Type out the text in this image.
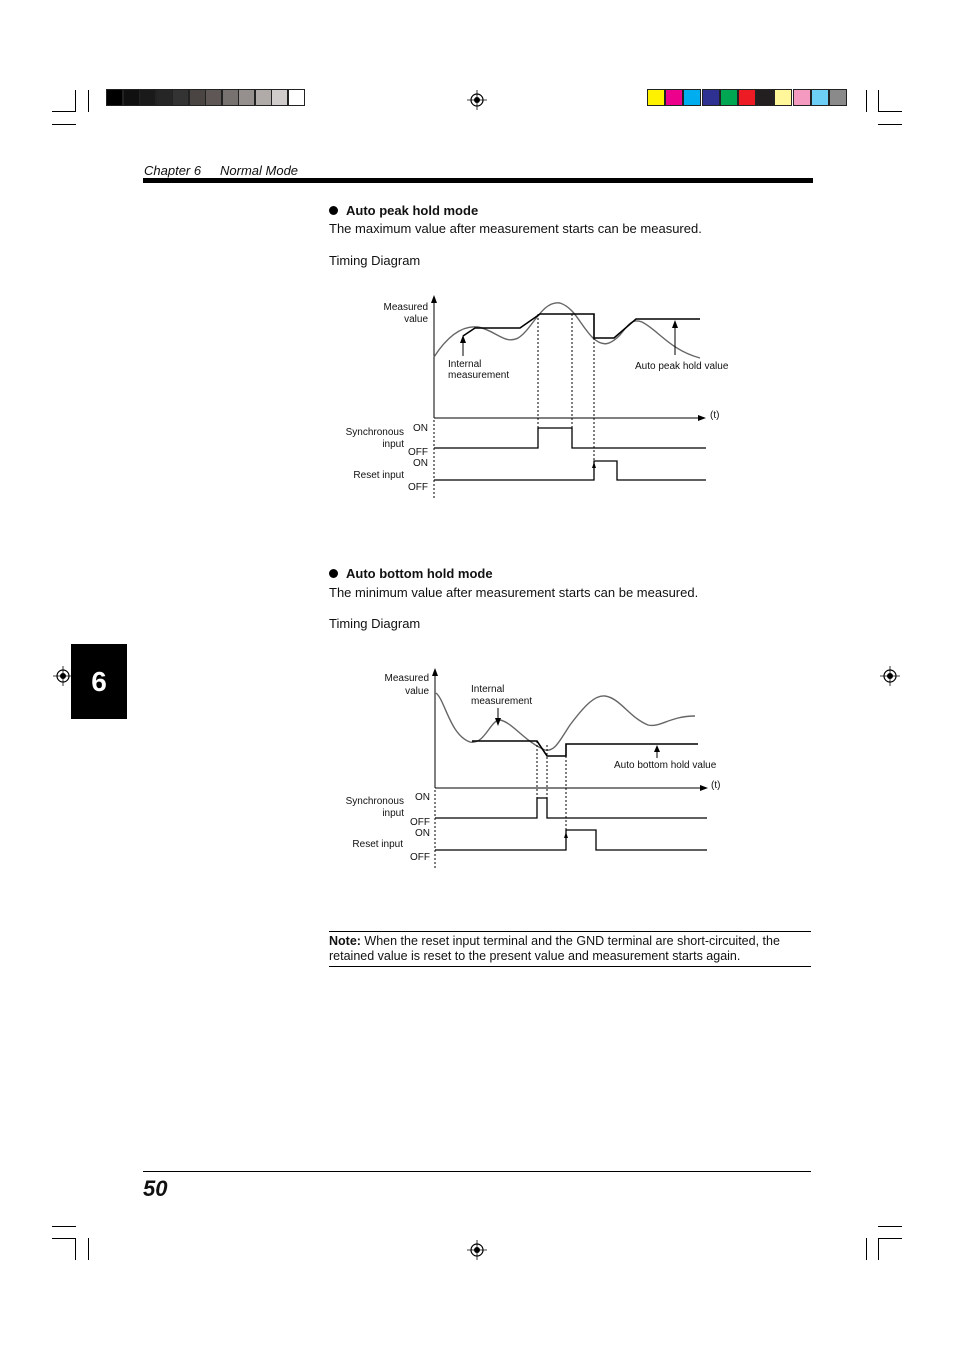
Chapter 6 Normal Mode
6
Auto peak hold mode
The maximum value after measurement starts can be measured.
Timing Diagram
Measured
value
Internal
measurement
Auto peak hold value
(t)
Synchronous
input
ON
OFF
ON
Reset input
OFF
Auto bottom hold mode
The minimum value after measurement starts can be measured.
Timing Diagram
Measured
value	Internal
measurement
Auto bottom hold value
(t)
Synchronous
input
ON
OFF
ON
Reset input
OFF
Note: When the reset input terminal and the GND terminal are short-circuited, the retained value is reset to the present value and measurement starts again.
50
